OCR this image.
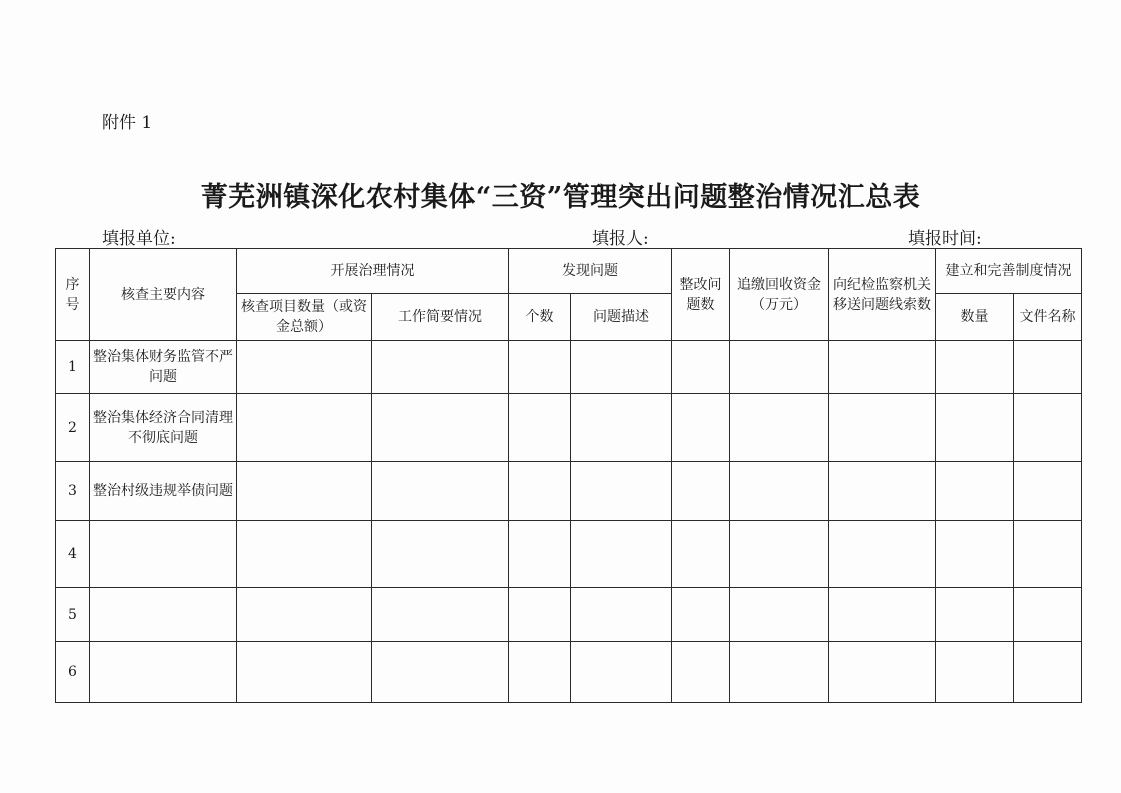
附件 1
菁芜洲镇深化农村集体“三资”管理突出问题整治情况汇总表
填报单位:	填报人:	填报时间:
序号	核查主要内容	开展治理情况		发现问题		整改问题数	追缴回收资金（万元）	向纪检监察机关移送问题线索数	建立和完善制度情况	
		核查项目数量（或资金总额）	工作简要情况	个数	问题描述				数量	文件名称
1	整治集体财务监管不严问题									
2	整治集体经济合同清理不彻底问题									
3	整治村级违规举债问题									
4										
5										
6										
